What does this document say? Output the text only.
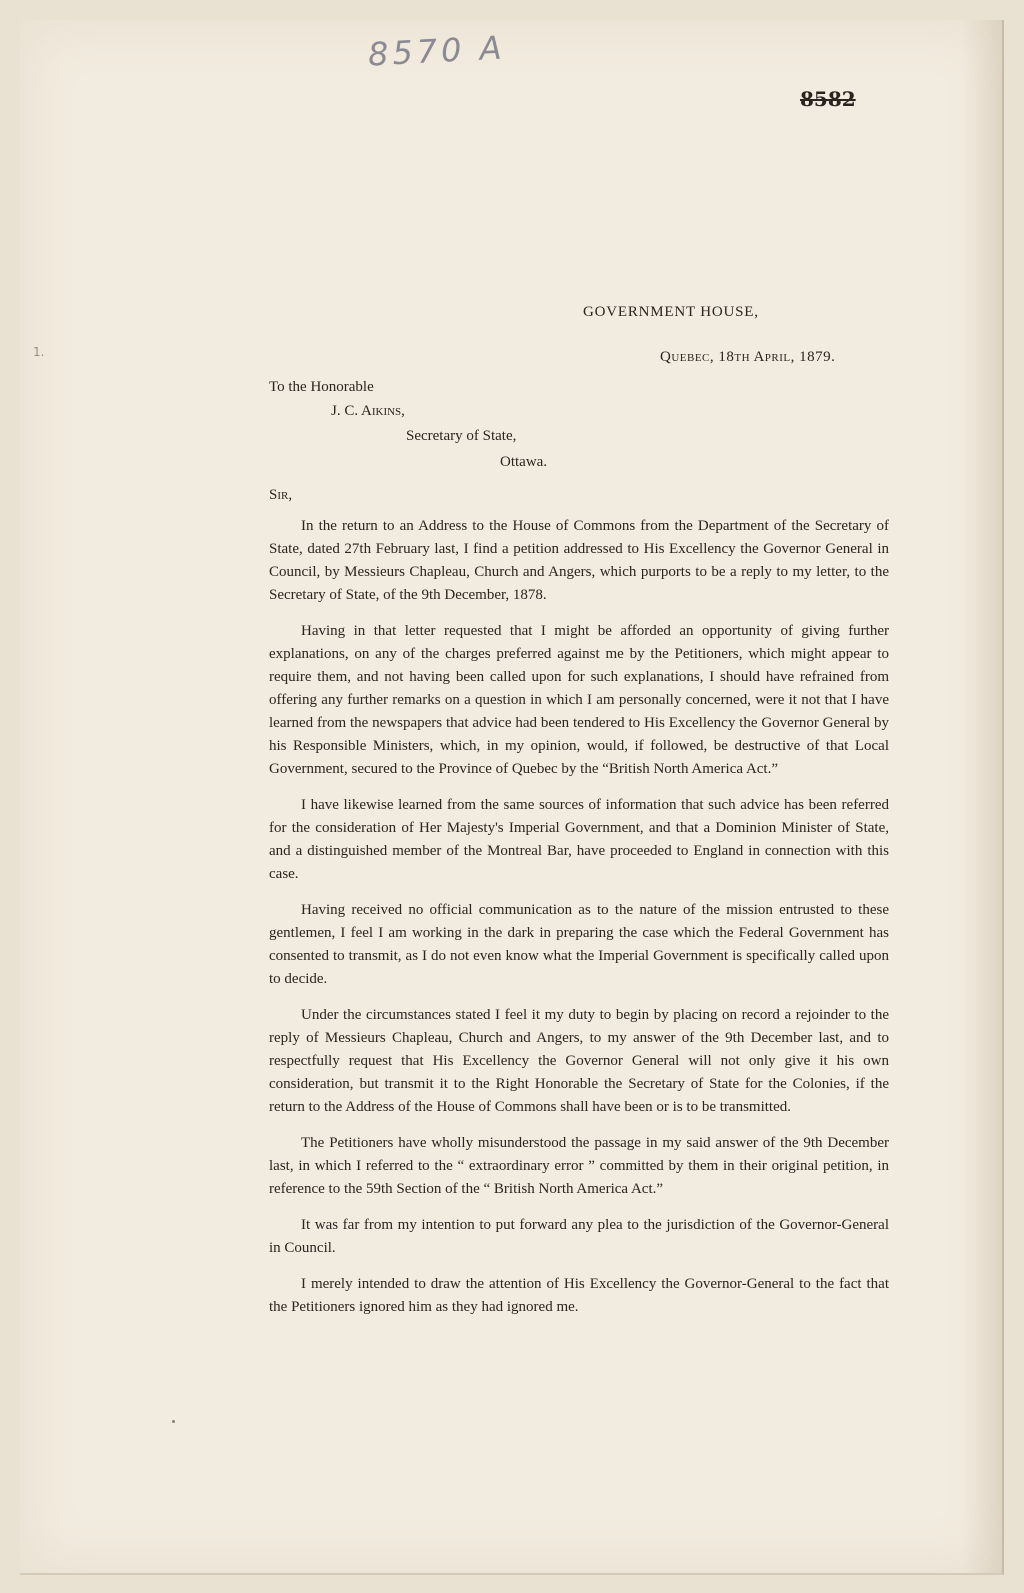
8570 A
8582
1.
GOVERNMENT HOUSE,
Quebec, 18th April, 1879.
To the Honorable
J. C. Aikins,
Secretary of State,
Ottawa.
Sir,

In the return to an Address to the House of Commons from the Department of the Secretary of State, dated 27th February last, I find a petition addressed to His Excellency the Governor General in Council, by Messieurs Chapleau, Church and Angers, which purports to be a reply to my letter, to the Secretary of State, of the 9th December, 1878.

Having in that letter requested that I might be afforded an opportunity of giving further explanations, on any of the charges preferred against me by the Petitioners, which might appear to require them, and not having been called upon for such explanations, I should have refrained from offering any further remarks on a question in which I am personally concerned, were it not that I have learned from the newspapers that advice had been tendered to His Excellency the Governor General by his Responsible Ministers, which, in my opinion, would, if followed, be destructive of that Local Government, secured to the Province of Quebec by the “British North America Act.”

I have likewise learned from the same sources of information that such advice has been referred for the consideration of Her Majesty's Imperial Government, and that a Dominion Minister of State, and a distinguished member of the Montreal Bar, have proceeded to England in connection with this case.

Having received no official communication as to the nature of the mission entrusted to these gentlemen, I feel I am working in the dark in preparing the case which the Federal Government has consented to transmit, as I do not even know what the Imperial Government is specifically called upon to decide.

Under the circumstances stated I feel it my duty to begin by placing on record a rejoinder to the reply of Messieurs Chapleau, Church and Angers, to my answer of the 9th December last, and to respectfully request that His Excellency the Governor General will not only give it his own consideration, but transmit it to the Right Honorable the Secretary of State for the Colonies, if the return to the Address of the House of Commons shall have been or is to be transmitted.

The Petitioners have wholly misunderstood the passage in my said answer of the 9th December last, in which I referred to the “ extraordinary error ” committed by them in their original petition, in reference to the 59th Section of the “ British North America Act.”

It was far from my intention to put forward any plea to the jurisdiction of the Governor-General in Council.

I merely intended to draw the attention of His Excellency the Governor-General to the fact that the Petitioners ignored him as they had ignored me.
